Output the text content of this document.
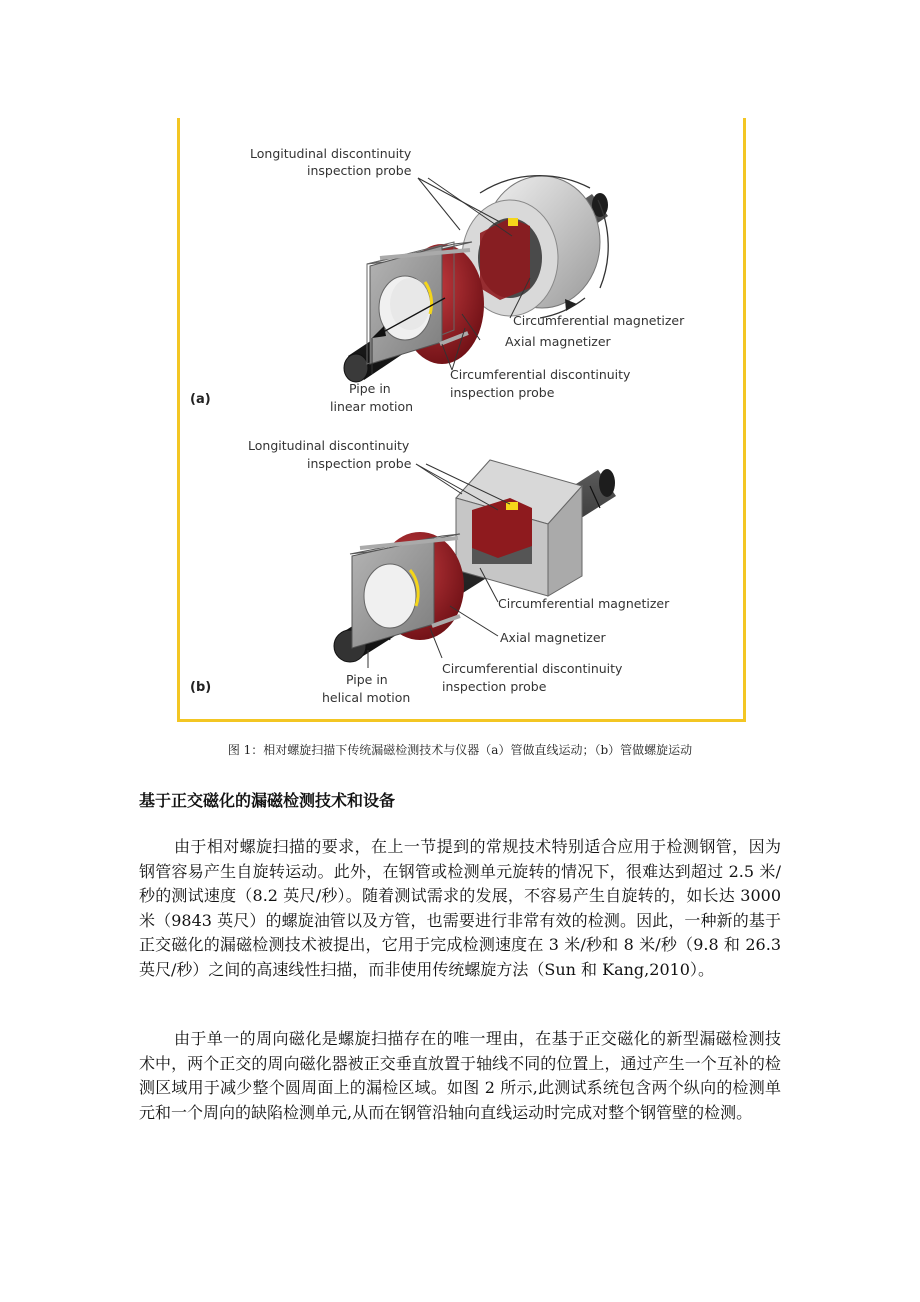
Longitudinal discontinuity
inspection probe
Circumferential magnetizer
Axial magnetizer
Circumferential discontinuity
inspection probe
Pipe in
linear motion
(a)
Longitudinal discontinuity
inspection probe
Circumferential magnetizer
Axial magnetizer
Circumferential discontinuity
inspection probe
Pipe in
helical motion
(b)
图 1：相对螺旋扫描下传统漏磁检测技术与仪器（a）管做直线运动；（b）管做螺旋运动
基于正交磁化的漏磁检测技术和设备

由于相对螺旋扫描的要求，在上一节提到的常规技术特别适合应用于检测钢管，因为钢管容易产生自旋转运动。此外，在钢管或检测单元旋转的情况下，很难达到超过 2.5 米/秒的测试速度（8.2 英尺/秒）。随着测试需求的发展，不容易产生自旋转的，如长达 3000 米（9843 英尺）的螺旋油管以及方管，也需要进行非常有效的检测。因此，一种新的基于正交磁化的漏磁检测技术被提出，它用于完成检测速度在 3 米/秒和 8 米/秒（9.8 和 26.3 英尺/秒）之间的高速线性扫描，而非使用传统螺旋方法（Sun 和 Kang,2010）。

由于单一的周向磁化是螺旋扫描存在的唯一理由，在基于正交磁化的新型漏磁检测技术中，两个正交的周向磁化器被正交垂直放置于轴线不同的位置上，通过产生一个互补的检测区域用于减少整个圆周面上的漏检区域。如图 2 所示,此测试系统包含两个纵向的检测单元和一个周向的缺陷检测单元,从而在钢管沿轴向直线运动时完成对整个钢管壁的检测。
